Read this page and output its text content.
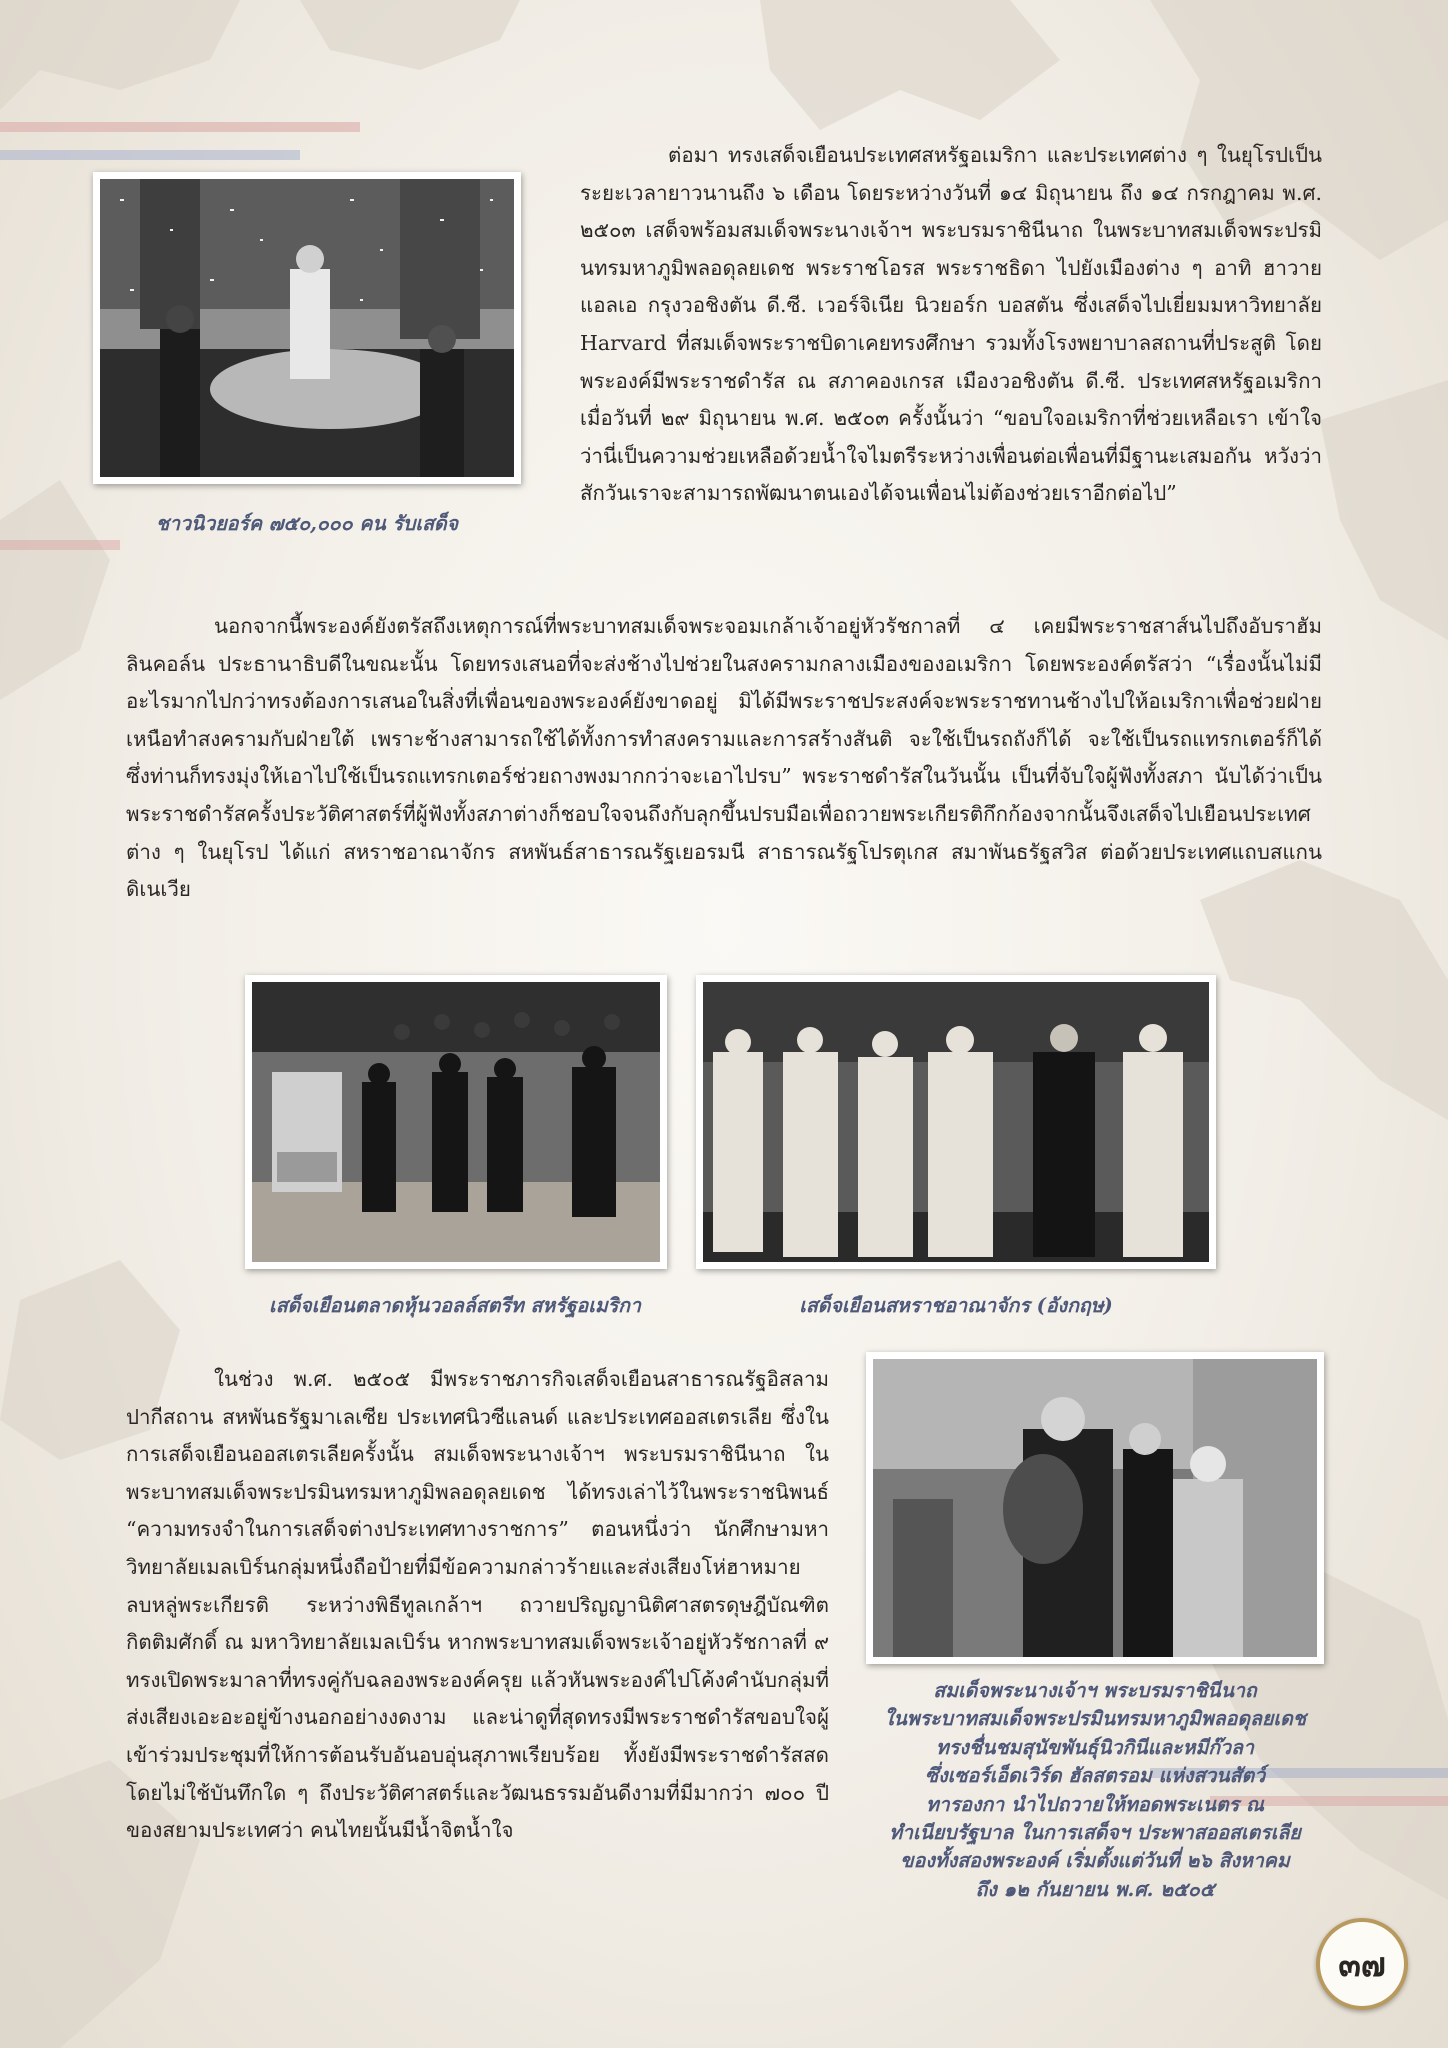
ชาวนิวยอร์ค ๗๕๐,๐๐๐ คน รับเสด็จ

ต่อมา ทรงเสด็จเยือนประเทศสหรัฐอเมริกา และประเทศต่าง ๆ ในยุโรปเป็นระยะเวลายาวนานถึง ๖ เดือน โดยระหว่างวันที่ ๑๔ มิถุนายน ถึง ๑๔ กรกฎาคม พ.ศ. ๒๕๐๓ เสด็จพร้อมสมเด็จพระนางเจ้าฯ พระบรมราชินีนาถ ในพระบาทสมเด็จพระปรมินทรมหาภูมิพลอดุลยเดช พระราชโอรส พระราชธิดา ไปยังเมืองต่าง ๆ อาทิ ฮาวาย แอลเอ กรุงวอชิงตัน ดี.ซี. เวอร์จิเนีย นิวยอร์ก บอสตัน ซึ่งเสด็จไปเยี่ยมมหาวิทยาลัย Harvard ที่สมเด็จพระราชบิดาเคยทรงศึกษา รวมทั้งโรงพยาบาลสถานที่ประสูติ โดยพระองค์มีพระราชดำรัส ณ สภาคองเกรส เมืองวอชิงตัน ดี.ซี. ประเทศสหรัฐอเมริกา เมื่อวันที่ ๒๙ มิถุนายน พ.ศ. ๒๕๐๓ ครั้งนั้นว่า “ขอบใจอเมริกาที่ช่วยเหลือเรา เข้าใจว่านี่เป็นความช่วยเหลือด้วยน้ำใจไมตรีระหว่างเพื่อนต่อเพื่อนที่มีฐานะเสมอกัน หวังว่าสักวันเราจะสามารถพัฒนาตนเองได้จนเพื่อนไม่ต้องช่วยเราอีกต่อไป”

นอกจากนี้พระองค์ยังตรัสถึงเหตุการณ์ที่พระบาทสมเด็จพระจอมเกล้าเจ้าอยู่หัวรัชกาลที่ ๔ เคยมีพระราชสาส์นไปถึงอับราฮัม ลินคอล์น ประธานาธิบดีในขณะนั้น โดยทรงเสนอที่จะส่งช้างไปช่วยในสงครามกลางเมืองของอเมริกา โดยพระองค์ตรัสว่า “เรื่องนั้นไม่มีอะไรมากไปกว่าทรงต้องการเสนอในสิ่งที่เพื่อนของพระองค์ยังขาดอยู่ มิได้มีพระราชประสงค์จะพระราชทานช้างไปให้อเมริกาเพื่อช่วยฝ่ายเหนือทำสงครามกับฝ่ายใต้ เพราะช้างสามารถใช้ได้ทั้งการทำสงครามและการสร้างสันติ จะใช้เป็นรถถังก็ได้ จะใช้เป็นรถแทรกเตอร์ก็ได้ ซึ่งท่านก็ทรงมุ่งให้เอาไปใช้เป็นรถแทรกเตอร์ช่วยถางพงมากกว่าจะเอาไปรบ” พระราชดำรัสในวันนั้น เป็นที่จับใจผู้ฟังทั้งสภา นับได้ว่าเป็นพระราชดำรัสครั้งประวัติศาสตร์ที่ผู้ฟังทั้งสภาต่างก็ชอบใจจนถึงกับลุกขึ้นปรบมือเพื่อถวายพระเกียรติกึกก้องจากนั้นจึงเสด็จไปเยือนประเทศต่าง ๆ ในยุโรป ได้แก่ สหราชอาณาจักร สหพันธ์สาธารณรัฐเยอรมนี สาธารณรัฐโปรตุเกส สมาพันธรัฐสวิส ต่อด้วยประเทศแถบสแกนดิเนเวีย

เสด็จเยือนตลาดหุ้นวอลล์สตรีท สหรัฐอเมริกา	เสด็จเยือนสหราชอาณาจักร (อังกฤษ)

ในช่วง พ.ศ. ๒๕๐๕ มีพระราชภารกิจเสด็จเยือนสาธารณรัฐอิสลาม ปากีสถาน สหพันธรัฐมาเลเซีย ประเทศนิวซีแลนด์ และประเทศออสเตรเลีย ซึ่งในการเสด็จเยือนออสเตรเลียครั้งนั้น สมเด็จพระนางเจ้าฯ พระบรมราชินีนาถ ในพระบาทสมเด็จพระปรมินทรมหาภูมิพลอดุลยเดช ได้ทรงเล่าไว้ในพระราชนิพนธ์ “ความทรงจำในการเสด็จต่างประเทศทางราชการ” ตอนหนึ่งว่า นักศึกษามหาวิทยาลัยเมลเบิร์นกลุ่มหนึ่งถือป้ายที่มีข้อความกล่าวร้ายและส่งเสียงโห่ฮาหมายลบหลู่พระเกียรติ ระหว่างพิธีทูลเกล้าฯ ถวายปริญญานิติศาสตรดุษฎีบัณฑิตกิตติมศักดิ์ ณ มหาวิทยาลัยเมลเบิร์น หากพระบาทสมเด็จพระเจ้าอยู่หัวรัชกาลที่ ๙ ทรงเปิดพระมาลาที่ทรงคู่กับฉลองพระองค์ครุย แล้วหันพระองค์ไปโค้งคำนับกลุ่มที่ส่งเสียงเอะอะอยู่ข้างนอกอย่างงดงาม และน่าดูที่สุดทรงมีพระราชดำรัสขอบใจผู้เข้าร่วมประชุมที่ให้การต้อนรับอันอบอุ่นสุภาพเรียบร้อย ทั้งยังมีพระราชดำรัสสดโดยไม่ใช้บันทึกใด ๆ ถึงประวัติศาสตร์และวัฒนธรรมอันดีงามที่มีมากว่า ๗๐๐ ปีของสยามประเทศว่า คนไทยนั้นมีน้ำจิตน้ำใจ

สมเด็จพระนางเจ้าฯ พระบรมราชินีนาถ
ในพระบาทสมเด็จพระปรมินทรมหาภูมิพลอดุลยเดช
ทรงชื่นชมสุนัขพันธุ์นิวกินีและหมีก๊วลา
ซึ่งเซอร์เอ็ดเวิร์ด ฮัลสตรอม แห่งสวนสัตว์
ทารองกา นำไปถวายให้ทอดพระเนตร ณ
ทำเนียบรัฐบาล ในการเสด็จฯ ประพาสออสเตรเลีย
ของทั้งสองพระองค์ เริ่มตั้งแต่วันที่ ๒๖ สิงหาคม
ถึง ๑๒ กันยายน พ.ศ. ๒๕๐๕
๓๗
